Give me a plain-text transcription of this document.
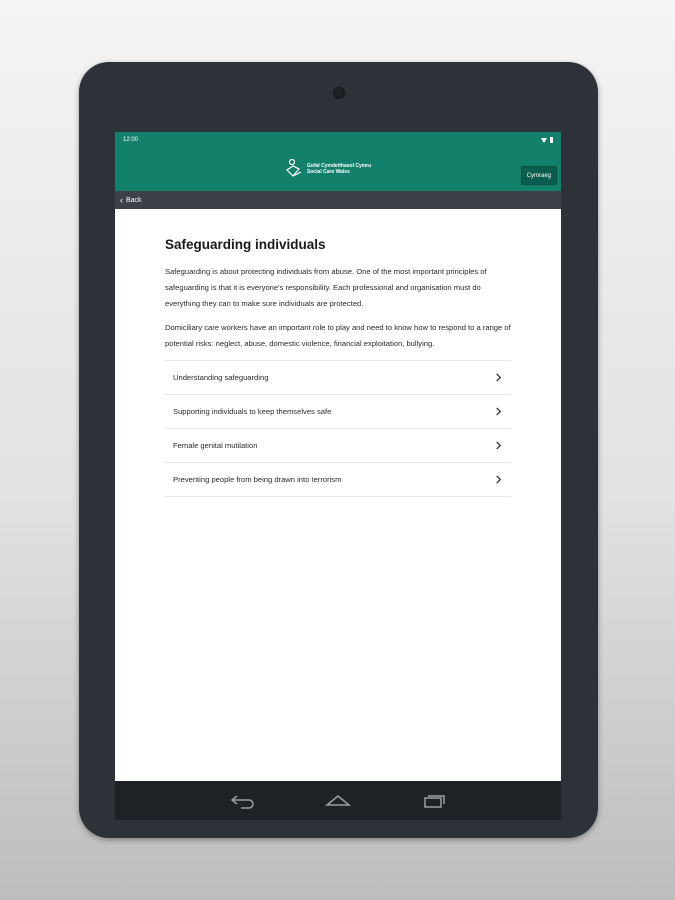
12:00
Gofal Cymdeithasol Cymru
Social Care Wales
Cymraeg
‹ Back
Safeguarding individuals

Safeguarding is about protecting individuals from abuse. One of the most important principles of safeguarding is that it is everyone's responsibility. Each professional and organisation must do everything they can to make sure individuals are protected.

Domiciliary care workers have an important role to play and need to know how to respond to a range of potential risks: neglect, abuse, domestic violence, financial exploitation, bullying.

Understanding safeguarding
Supporting individuals to keep themselves safe
Female genital mutilation
Preventing people from being drawn into terrorism
